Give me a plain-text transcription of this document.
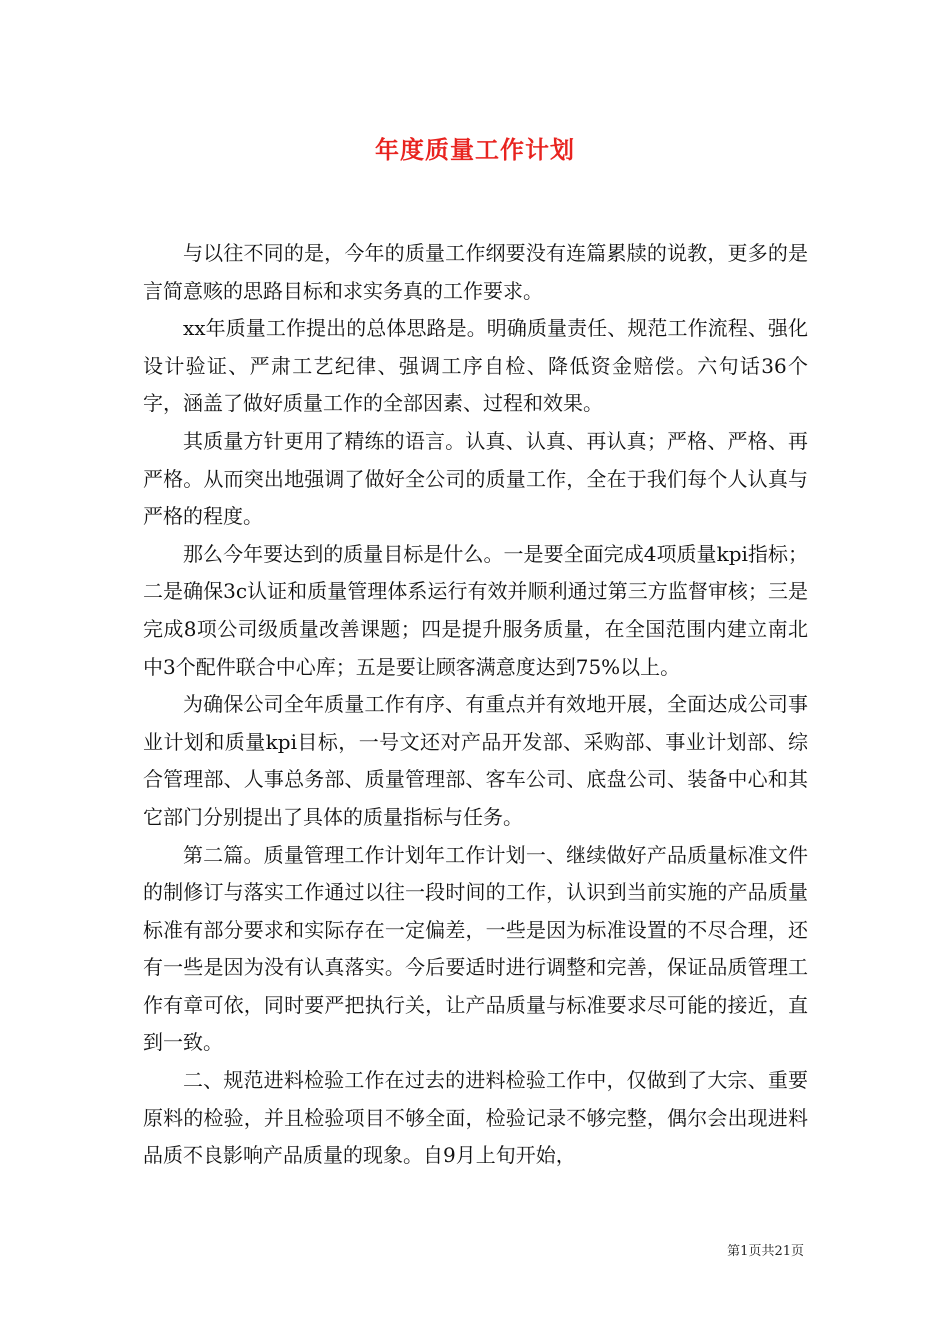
年度质量工作计划

与以往不同的是，今年的质量工作纲要没有连篇累牍的说教，更多的是言简意赅的思路目标和求实务真的工作要求。

xx年质量工作提出的总体思路是。明确质量责任、规范工作流程、强化设计验证、严肃工艺纪律、强调工序自检、降低资金赔偿。六句话36个字，涵盖了做好质量工作的全部因素、过程和效果。

其质量方针更用了精练的语言。认真、认真、再认真；严格、严格、再严格。从而突出地强调了做好全公司的质量工作，全在于我们每个人认真与严格的程度。

那么今年要达到的质量目标是什么。一是要全面完成4项质量kpi指标；二是确保3c认证和质量管理体系运行有效并顺利通过第三方监督审核；三是完成8项公司级质量改善课题；四是提升服务质量，在全国范围内建立南北中3个配件联合中心库；五是要让顾客满意度达到75%以上。

为确保公司全年质量工作有序、有重点并有效地开展，全面达成公司事业计划和质量kpi目标，一号文还对产品开发部、采购部、事业计划部、综合管理部、人事总务部、质量管理部、客车公司、底盘公司、装备中心和其它部门分别提出了具体的质量指标与任务。

第二篇。质量管理工作计划年工作计划一、继续做好产品质量标准文件的制修订与落实工作通过以往一段时间的工作，认识到当前实施的产品质量标准有部分要求和实际存在一定偏差，一些是因为标准设置的不尽合理，还有一些是因为没有认真落实。今后要适时进行调整和完善，保证品质管理工作有章可依，同时要严把执行关，让产品质量与标准要求尽可能的接近，直到一致。

二、规范进料检验工作在过去的进料检验工作中，仅做到了大宗、重要原料的检验，并且检验项目不够全面，检验记录不够完整，偶尔会出现进料品质不良影响产品质量的现象。自9月上旬开始，

第1页共21页
